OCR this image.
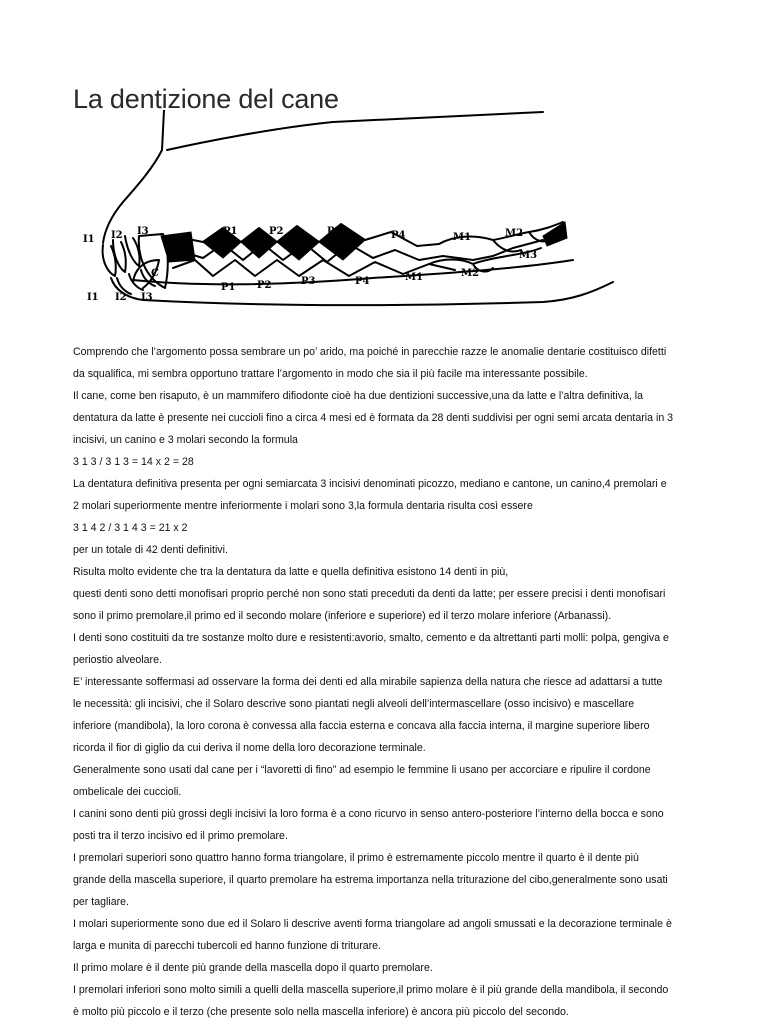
La dentizione del cane
I1 I2 I3
C
P1	P2	P3	P4	M1	M2
M3
I1 I2 I3
C
P1 P2	P3	P4	M1	M2

Comprendo che l’argomento possa sembrare un po’ arido, ma poiché in parecchie razze le anomalie dentarie costituisco difetti
da squalifica, mi sembra opportuno trattare l’argomento in modo che sia il più facile ma interessante possibile.

Il cane, come ben risaputo, è un mammifero difiodonte cioè ha due dentizioni successive,una da latte e l’altra definitiva, la
dentatura da latte è presente nei cuccioli fino a circa 4 mesi ed è formata da 28 denti suddivisi per ogni semi arcata dentaria in 3
incisivi, un canino e 3 molari secondo la formula

3 1 3 / 3 1 3 = 14 x 2 = 28

La dentatura definitiva presenta per ogni semiarcata 3 incisivi denominati picozzo, mediano e cantone, un canino,4 premolari e
2 molari superiormente mentre inferiormente i molari sono 3,la formula dentaria risulta così essere

3 1 4 2 / 3 1 4 3 = 21 x 2

per un totale di 42 denti definitivi.

Risulta molto evidente che tra la dentatura da latte e quella definitiva esistono 14 denti in più,
questi denti sono detti monofisari proprio perché non sono stati preceduti da denti da latte; per essere precisi i denti monofisari
sono il primo premolare,il primo ed il secondo molare (inferiore e superiore) ed il terzo molare inferiore (Arbanassi).

I denti sono costituiti da tre sostanze molto dure e resistenti:avorio, smalto, cemento e da altrettanti parti molli: polpa, gengiva e
periostio alveolare.

E’ interessante soffermasi ad osservare la forma dei denti ed alla mirabile sapienza della natura che riesce ad adattarsi a tutte
le necessità: gli incisivi, che il Solaro descrive sono piantati negli alveoli dell’intermascellare (osso incisivo) e mascellare
inferiore (mandibola), la loro corona è convessa alla faccia esterna e concava alla faccia interna, il margine superiore libero
ricorda il fior di giglio da cui deriva il nome della loro decorazione terminale.

Generalmente sono usati dal cane per i “lavoretti di fino” ad esempio le femmine li usano per accorciare e ripulire il cordone
ombelicale dei cuccioli.

I canini sono denti più grossi degli incisivi la loro forma è a cono ricurvo in senso antero-posteriore l’interno della bocca e sono
posti tra il terzo incisivo ed il primo premolare.

I premolari superiori sono quattro hanno forma triangolare, il primo è estremamente piccolo mentre il quarto è il dente più
grande della mascella superiore, il quarto premolare ha estrema importanza nella triturazione del cibo,generalmente sono usati
per tagliare.

I molari superiormente sono due ed il Solaro li descrive aventi forma triangolare ad angoli smussati e la decorazione terminale è
larga e munita di parecchi tubercoli ed hanno funzione di triturare.

Il primo molare è il dente più grande della mascella dopo il quarto premolare.

I premolari inferiori sono molto simili a quelli della mascella superiore,il primo molare è il più grande della mandibola, il secondo
è molto più piccolo e il terzo (che presente solo nella mascella inferiore) è ancora più piccolo del secondo.
